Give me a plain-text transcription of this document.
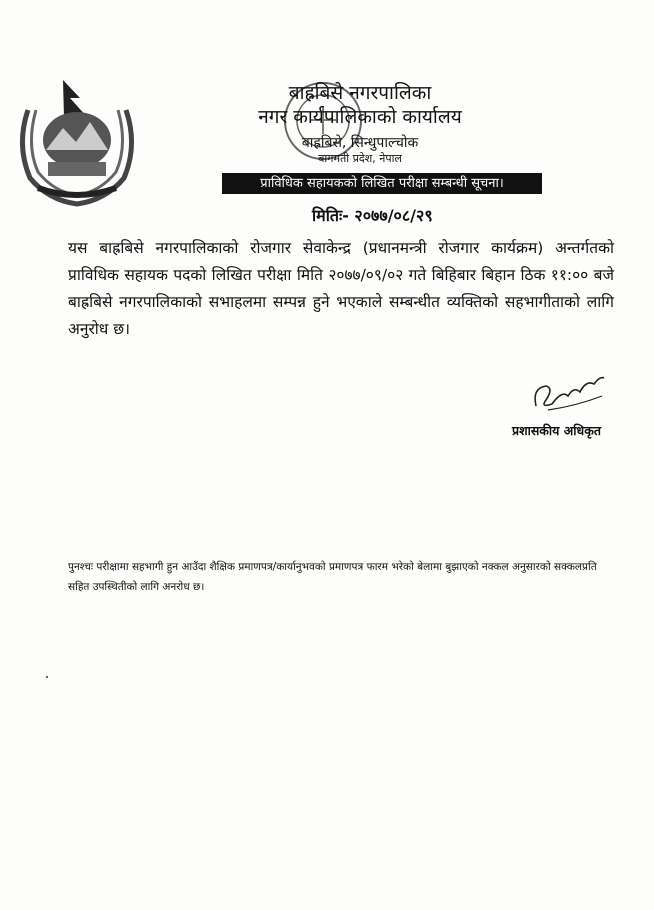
बाह्रबिसे नगरपालिका
नगर कार्यपालिकाको कार्यालय
बाह्रबिसे, सिन्धुपाल्चोक
बागमती प्रदेश, नेपाल
प्राविधिक सहायकको लिखित परीक्षा सम्बन्धी सूचना।
मितिः- २०७७/०८/२९
यस बाह्रबिसे नगरपालिकाको रोजगार सेवाकेन्द्र (प्रधानमन्त्री रोजगार कार्यक्रम) अन्तर्गतको प्राविधिक सहायक पदको लिखित परीक्षा मिति २०७७/०९/०२ गते बिहिबार बिहान ठिक ११:०० बजे बाह्रबिसे नगरपालिकाको सभाहलमा सम्पन्न हुने भएकाले सम्बन्धीत व्यक्तिको सहभागीताको लागि अनुरोध छ।
प्रशासकीय अधिकृत
पुनश्चः परीक्षामा सहभागी हुन आउँदा शैक्षिक प्रमाणपत्र/कार्यानुभवको प्रमाणपत्र फारम भरेको बेलामा बुझाएको नक्कल अनुसारको सक्कलप्रति सहित उपस्थितीको लागि अनरोध छ।
